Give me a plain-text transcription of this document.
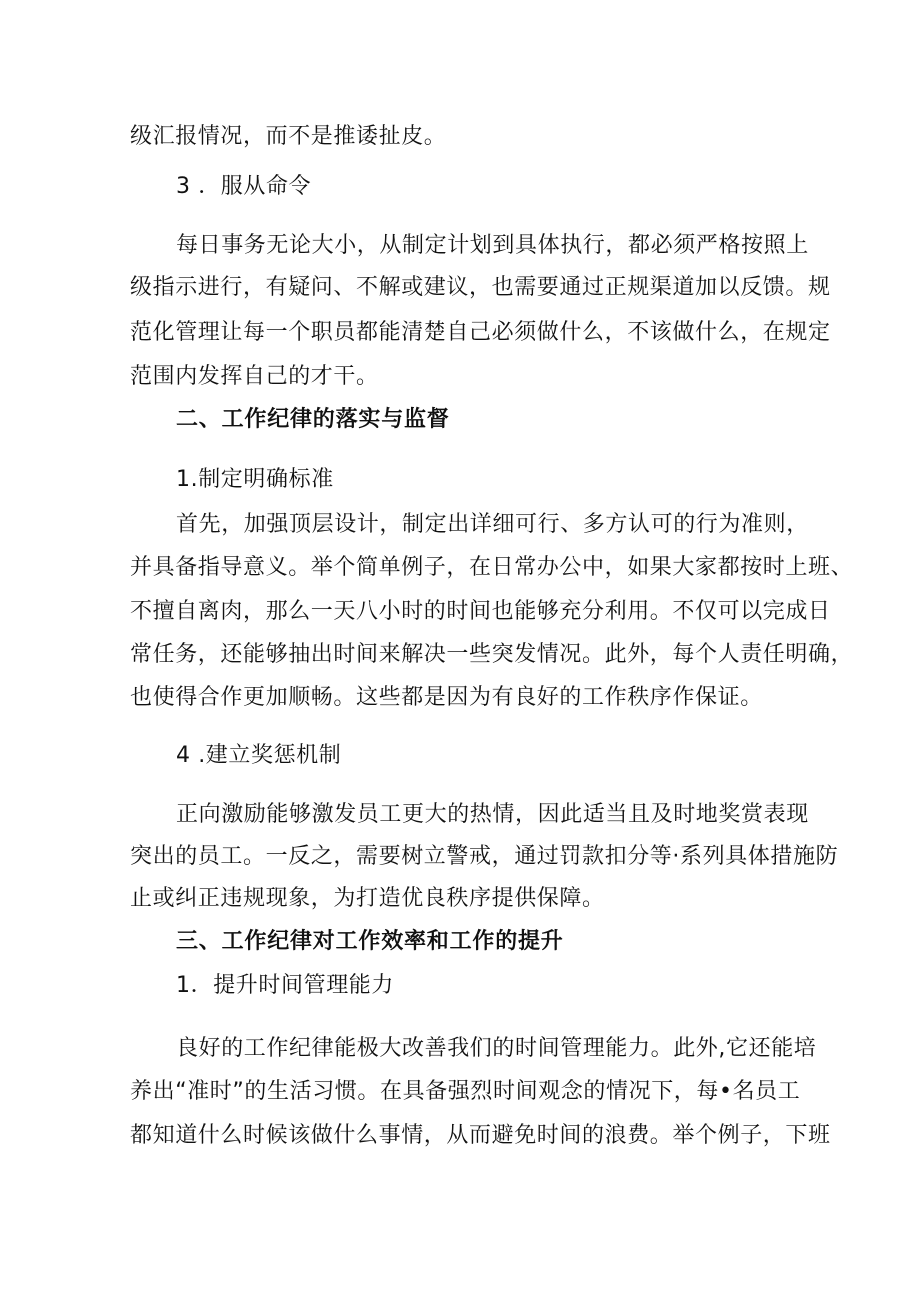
级汇报情况，而不是推诿扯皮。
3 ．服从命令
每日事务无论大小，从制定计划到具体执行，都必须严格按照上
级指示进行，有疑问、不解或建议，也需要通过正规渠道加以反馈。规
范化管理让每一个职员都能清楚自己必须做什么，不该做什么，在规定
范围内发挥自己的才干。
二、工作纪律的落实与监督
1.制定明确标准
首先，加强顶层设计，制定出详细可行、多方认可的行为准则，
并具备指导意义。举个简单例子，在日常办公中，如果大家都按时上班、
不擅自离肉，那么一天八小时的时间也能够充分利用。不仅可以完成日
常任务，还能够抽出时间来解决一些突发情况。此外，每个人责任明确，
也使得合作更加顺畅。这些都是因为有良好的工作秩序作保证。
4 .建立奖惩机制
正向激励能够激发员工更大的热情，因此适当且及时地奖赏表现
突出的员工。一反之，需要树立警戒，通过罚款扣分等·系列具体措施防
止或纠正违规现象，为打造优良秩序提供保障。
三、工作纪律对工作效率和工作的提升
1．提升时间管理能力
良好的工作纪律能极大改善我们的时间管理能力。此外,它还能培
养出“准时”的生活习惯。在具备强烈时间观念的情况下，每•名员工
都知道什么时候该做什么事情，从而避免时间的浪费。举个例子，下班
